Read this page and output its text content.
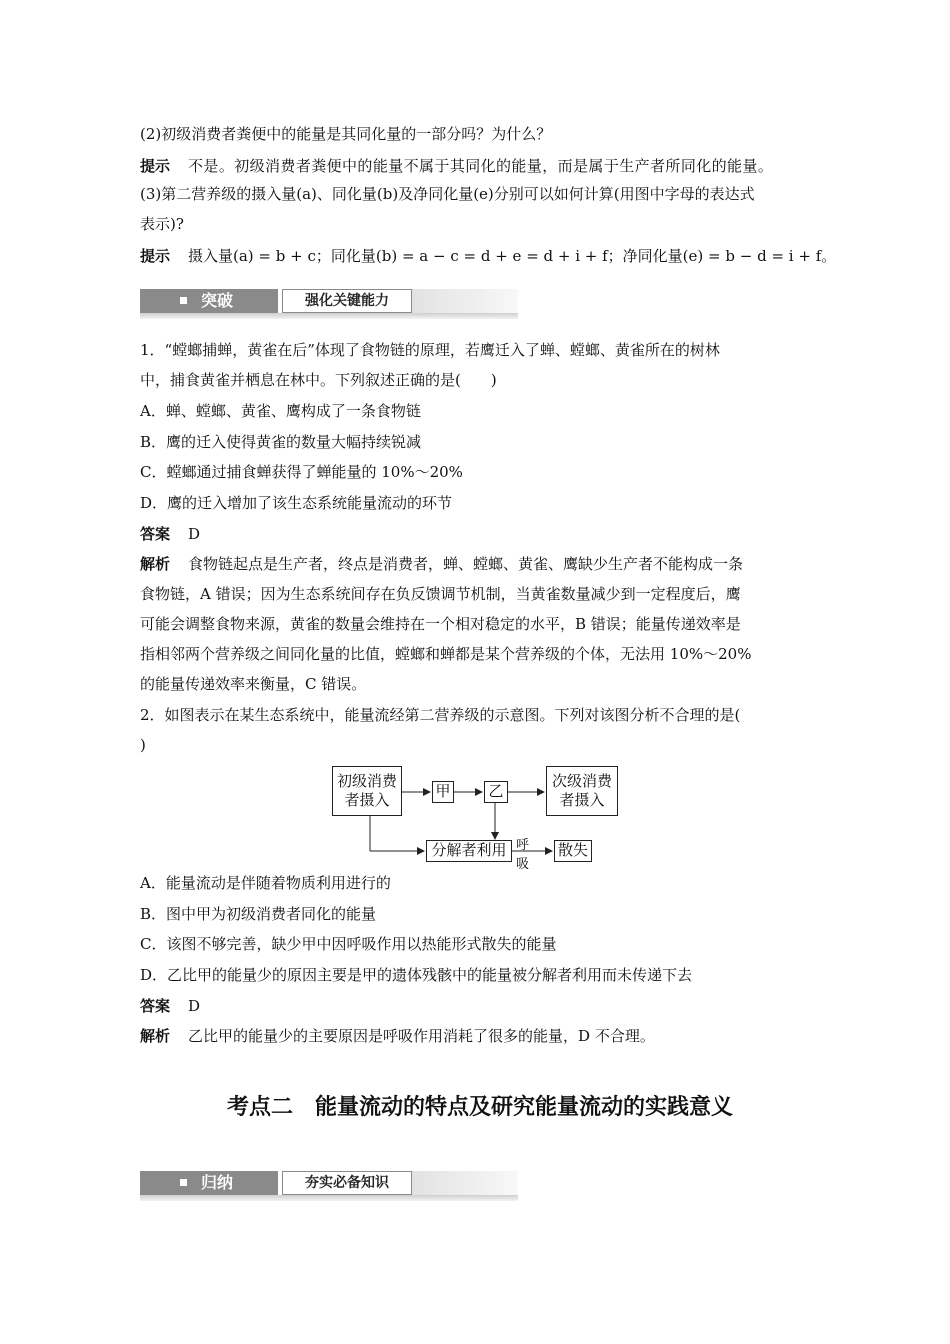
(2)初级消费者粪便中的能量是其同化量的一部分吗？为什么？
提示 不是。初级消费者粪便中的能量不属于其同化的能量，而是属于生产者所同化的能量。
(3)第二营养级的摄入量(a)、同化量(b)及净同化量(e)分别可以如何计算(用图中字母的表达式
表示)?
提示 摄入量(a) = b + c；同化量(b) = a − c = d + e = d + i + f；净同化量(e) = b − d = i + f。
突破	强化关键能力
1．“螳螂捕蝉，黄雀在后”体现了食物链的原理，若鹰迁入了蝉、螳螂、黄雀所在的树林
中，捕食黄雀并栖息在林中。下列叙述正确的是(　　)
A．蝉、螳螂、黄雀、鹰构成了一条食物链
B．鹰的迁入使得黄雀的数量大幅持续锐减
C．螳螂通过捕食蝉获得了蝉能量的 10%～20%
D．鹰的迁入增加了该生态系统能量流动的环节
答案 D
解析 食物链起点是生产者，终点是消费者，蝉、螳螂、黄雀、鹰缺少生产者不能构成一条
食物链，A 错误；因为生态系统间存在负反馈调节机制，当黄雀数量减少到一定程度后，鹰
可能会调整食物来源，黄雀的数量会维持在一个相对稳定的水平，B 错误；能量传递效率是
指相邻两个营养级之间同化量的比值，螳螂和蝉都是某个营养级的个体，无法用 10%～20%
的能量传递效率来衡量，C 错误。
2．如图表示在某生态系统中，能量流经第二营养级的示意图。下列对该图分析不合理的是(
)
初级消费
者摄入	甲	乙
次级消费
者摄入
分解者利用 呼吸
散失
A．能量流动是伴随着物质利用进行的
B．图中甲为初级消费者同化的能量
C．该图不够完善，缺少甲中因呼吸作用以热能形式散失的能量
D．乙比甲的能量少的原因主要是甲的遗体残骸中的能量被分解者利用而未传递下去
答案 D
解析 乙比甲的能量少的主要原因是呼吸作用消耗了很多的能量，D 不合理。
考点二　能量流动的特点及研究能量流动的实践意义
归纳	夯实必备知识
